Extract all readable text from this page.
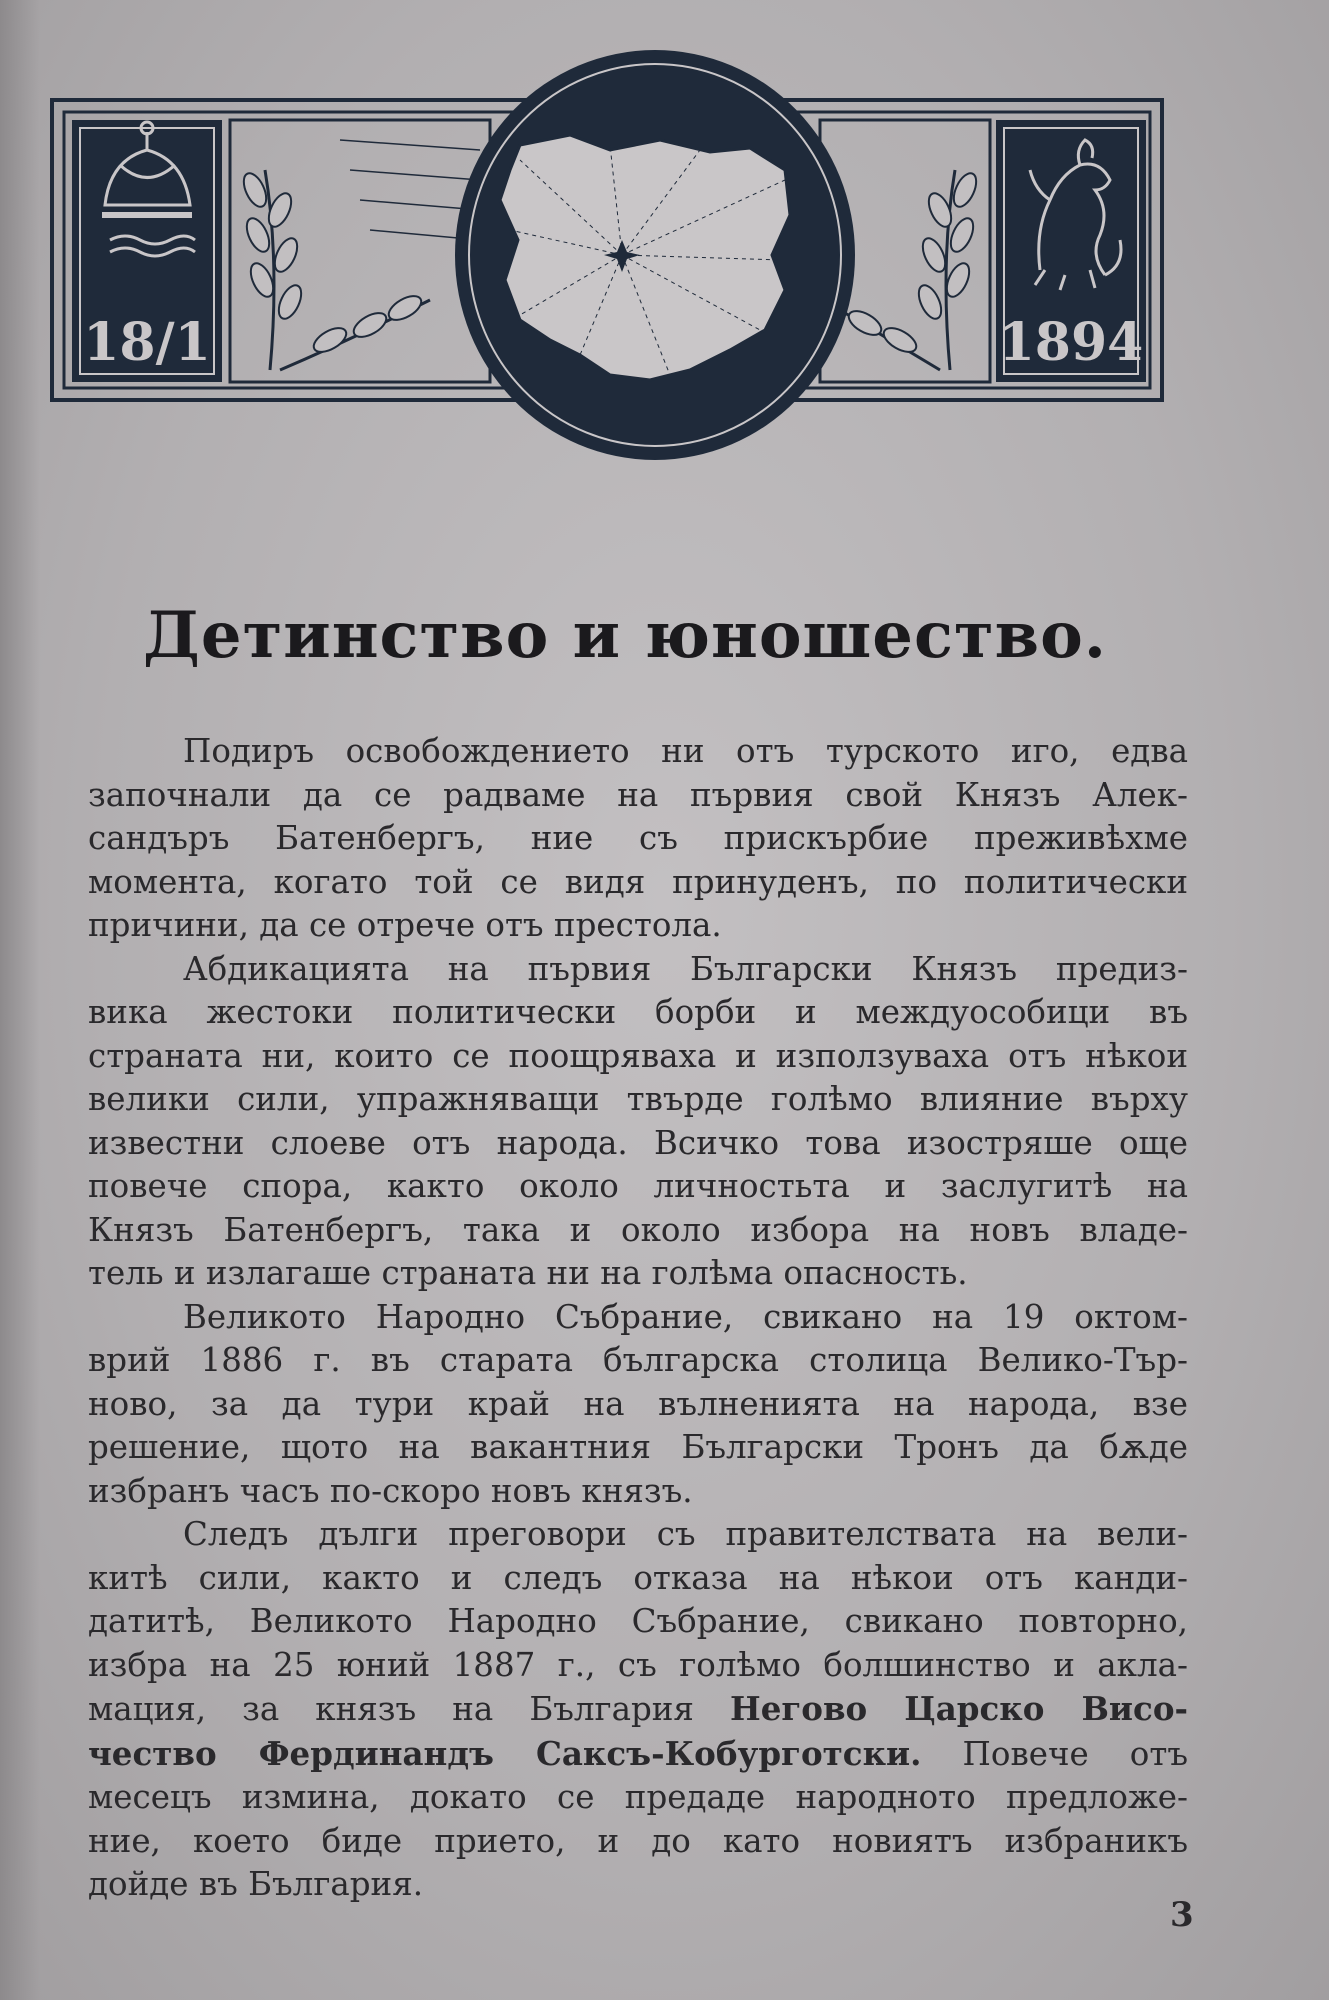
18/1	1894
Детинство и юношество.
Подиръ освобождението ни отъ турското иго, едва
започнали да се радваме на първия свой Князъ Алек-
сандъръ Батенбергъ, ние съ прискърбие преживѣхме
момента, когато той се видя принуденъ, по политически
причини, да се отрече отъ престола.
Абдикацията на първия Български Князъ предиз-
вика жестоки политически борби и междуособици въ
страната ни, които се поощряваха и използуваха отъ нѣкои
велики сили, упражняващи твърде голѣмо влияние върху
известни слоеве отъ народа. Всичко това изостряше още
повече спора, както около личностьта и заслугитѣ на
Князъ Батенбергъ, така и около избора на новъ владе-
тель и излагаше страната ни на голѣма опасность.
Великото Народно Събрание, свикано на 19 октом-
врий 1886 г. въ старата българска столица Велико-Тър-
ново, за да тури край на вълненията на народа, взе
решение, щото на вакантния Български Тронъ да бѫде
избранъ часъ по-скоро новъ князъ.
Следъ дълги преговори съ правителствата на вели-
китѣ сили, както и следъ отказа на нѣкои отъ канди-
датитѣ, Великото Народно Събрание, свикано повторно,
избра на 25 юний 1887 г., съ голѣмо болшинство и акла-
мация, за князъ на България Негово Царско Висо-
чество Фердинандъ Саксъ-Кобурготски. Повече отъ
месецъ измина, докато се предаде народното предложе-
ние, което биде прието, и до като новиятъ избраникъ
дойде въ България.
3
